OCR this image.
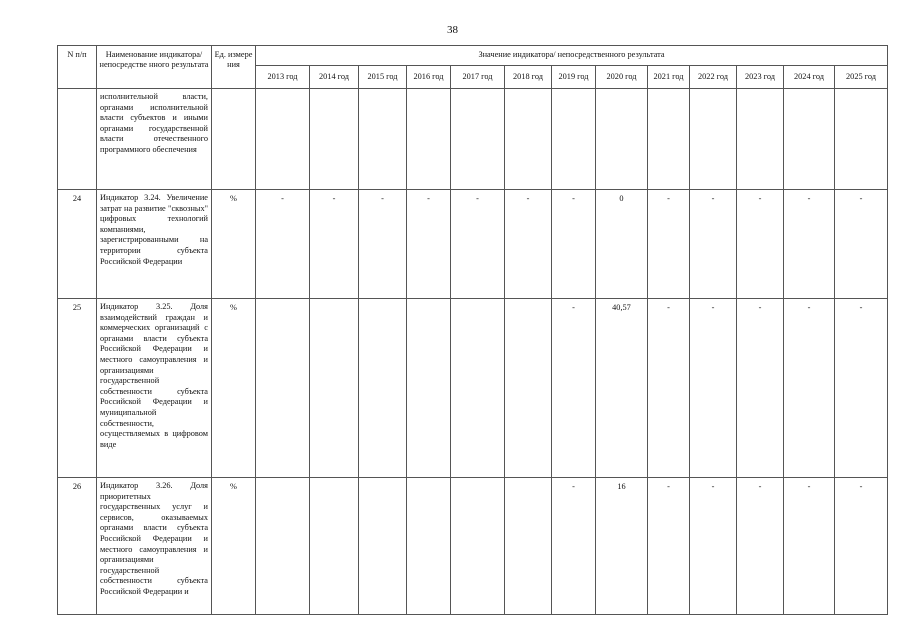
38
N п/п	Наименование индикатора/непосредстве нного результата	Ед. измере ния	Значение индикатора/ непосредственного результата												
			2013 год	2014 год	2015 год	2016 год	2017 год	2018 год	2019 год	2020 год	2021 год	2022 год	2023 год	2024 год	2025 год
	исполнительной власти, органами исполнительной власти субъектов и иными органами государственной власти отечественного программного обеспечения														
24	Индикатор 3.24. Увеличение затрат на развитие "сквозных" цифровых технологий компаниями, зарегистрированными на территории субъекта Российской Федерации	%	-	-	-	-	-	-	-	0	-	-	-	-	-
25	Индикатор 3.25. Доля взаимодействий граждан и коммерческих организаций с органами власти субъекта Российской Федерации и местного самоуправления и организациями государственной собственности субъекта Российской Федерации и муниципальной собственности, осуществляемых в цифровом виде	%							-	40,57	-	-	-	-	-
26	Индикатор 3.26. Доля приоритетных государственных услуг и сервисов, оказываемых органами власти субъекта Российской Федерации и местного самоуправления и организациями государственной собственности субъекта Российской Федерации и	%							-	16	-	-	-	-	-
